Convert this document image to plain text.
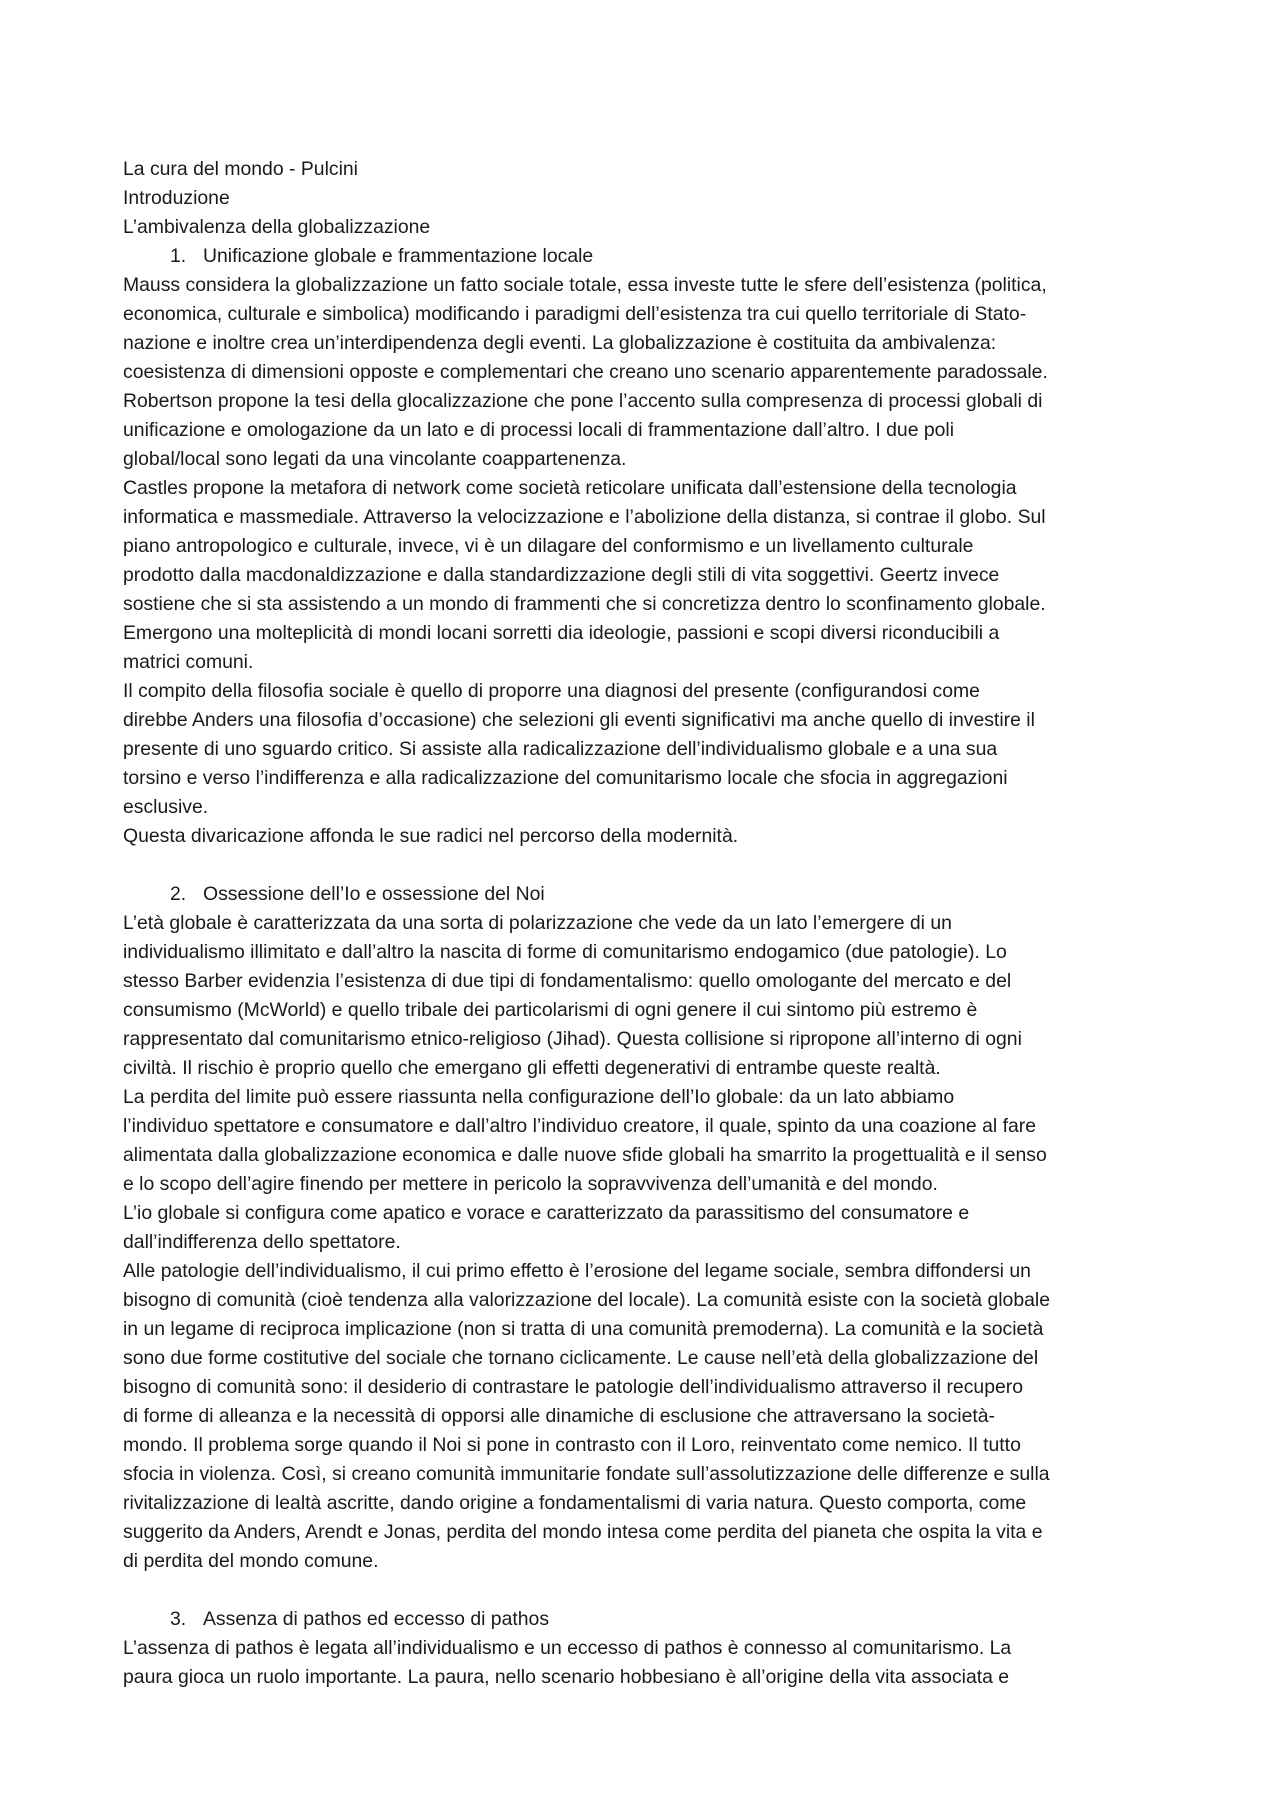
La cura del mondo - Pulcini

Introduzione

L’ambivalenza della globalizzazione

1. Unificazione globale e frammentazione locale

Mauss considera la globalizzazione un fatto sociale totale, essa investe tutte le sfere dell’esistenza (politica,

economica, culturale e simbolica) modificando i paradigmi dell’esistenza tra cui quello territoriale di Stato-

nazione e inoltre crea un’interdipendenza degli eventi. La globalizzazione è costituita da ambivalenza:

coesistenza di dimensioni opposte e complementari che creano uno scenario apparentemente paradossale.

Robertson propone la tesi della glocalizzazione che pone l’accento sulla compresenza di processi globali di

unificazione e omologazione da un lato e di processi locali di frammentazione dall’altro. I due poli

global/local sono legati da una vincolante coappartenenza.

Castles propone la metafora di network come società reticolare unificata dall’estensione della tecnologia

informatica e massmediale. Attraverso la velocizzazione e l’abolizione della distanza, si contrae il globo. Sul

piano antropologico e culturale, invece, vi è un dilagare del conformismo e un livellamento culturale

prodotto dalla macdonaldizzazione e dalla standardizzazione degli stili di vita soggettivi. Geertz invece

sostiene che si sta assistendo a un mondo di frammenti che si concretizza dentro lo sconfinamento globale.

Emergono una molteplicità di mondi locani sorretti dia ideologie, passioni e scopi diversi riconducibili a

matrici comuni.

Il compito della filosofia sociale è quello di proporre una diagnosi del presente (configurandosi come

direbbe Anders una filosofia d’occasione) che selezioni gli eventi significativi ma anche quello di investire il

presente di uno sguardo critico. Si assiste alla radicalizzazione dell’individualismo globale e a una sua

torsino e verso l’indifferenza e alla radicalizzazione del comunitarismo locale che sfocia in aggregazioni

esclusive.

Questa divaricazione affonda le sue radici nel percorso della modernità.

2. Ossessione dell’Io e ossessione del Noi

L’età globale è caratterizzata da una sorta di polarizzazione che vede da un lato l’emergere di un

individualismo illimitato e dall’altro la nascita di forme di comunitarismo endogamico (due patologie). Lo

stesso Barber evidenzia l’esistenza di due tipi di fondamentalismo: quello omologante del mercato e del

consumismo (McWorld) e quello tribale dei particolarismi di ogni genere il cui sintomo più estremo è

rappresentato dal comunitarismo etnico-religioso (Jihad). Questa collisione si ripropone all’interno di ogni

civiltà. Il rischio è proprio quello che emergano gli effetti degenerativi di entrambe queste realtà.

La perdita del limite può essere riassunta nella configurazione dell’Io globale: da un lato abbiamo

l’individuo spettatore e consumatore e dall’altro l’individuo creatore, il quale, spinto da una coazione al fare

alimentata dalla globalizzazione economica e dalle nuove sfide globali ha smarrito la progettualità e il senso

e lo scopo dell’agire finendo per mettere in pericolo la sopravvivenza dell’umanità e del mondo.

L’io globale si configura come apatico e vorace e caratterizzato da parassitismo del consumatore e

dall’indifferenza dello spettatore.

Alle patologie dell’individualismo, il cui primo effetto è l’erosione del legame sociale, sembra diffondersi un

bisogno di comunità (cioè tendenza alla valorizzazione del locale). La comunità esiste con la società globale

in un legame di reciproca implicazione (non si tratta di una comunità premoderna). La comunità e la società

sono due forme costitutive del sociale che tornano ciclicamente. Le cause nell’età della globalizzazione del

bisogno di comunità sono: il desiderio di contrastare le patologie dell’individualismo attraverso il recupero

di forme di alleanza e la necessità di opporsi alle dinamiche di esclusione che attraversano la società-

mondo. Il problema sorge quando il Noi si pone in contrasto con il Loro, reinventato come nemico. Il tutto

sfocia in violenza. Così, si creano comunità immunitarie fondate sull’assolutizzazione delle differenze e sulla

rivitalizzazione di lealtà ascritte, dando origine a fondamentalismi di varia natura. Questo comporta, come

suggerito da Anders, Arendt e Jonas, perdita del mondo intesa come perdita del pianeta che ospita la vita e

di perdita del mondo comune.

3. Assenza di pathos ed eccesso di pathos

L’assenza di pathos è legata all’individualismo e un eccesso di pathos è connesso al comunitarismo. La

paura gioca un ruolo importante. La paura, nello scenario hobbesiano è all’origine della vita associata e
